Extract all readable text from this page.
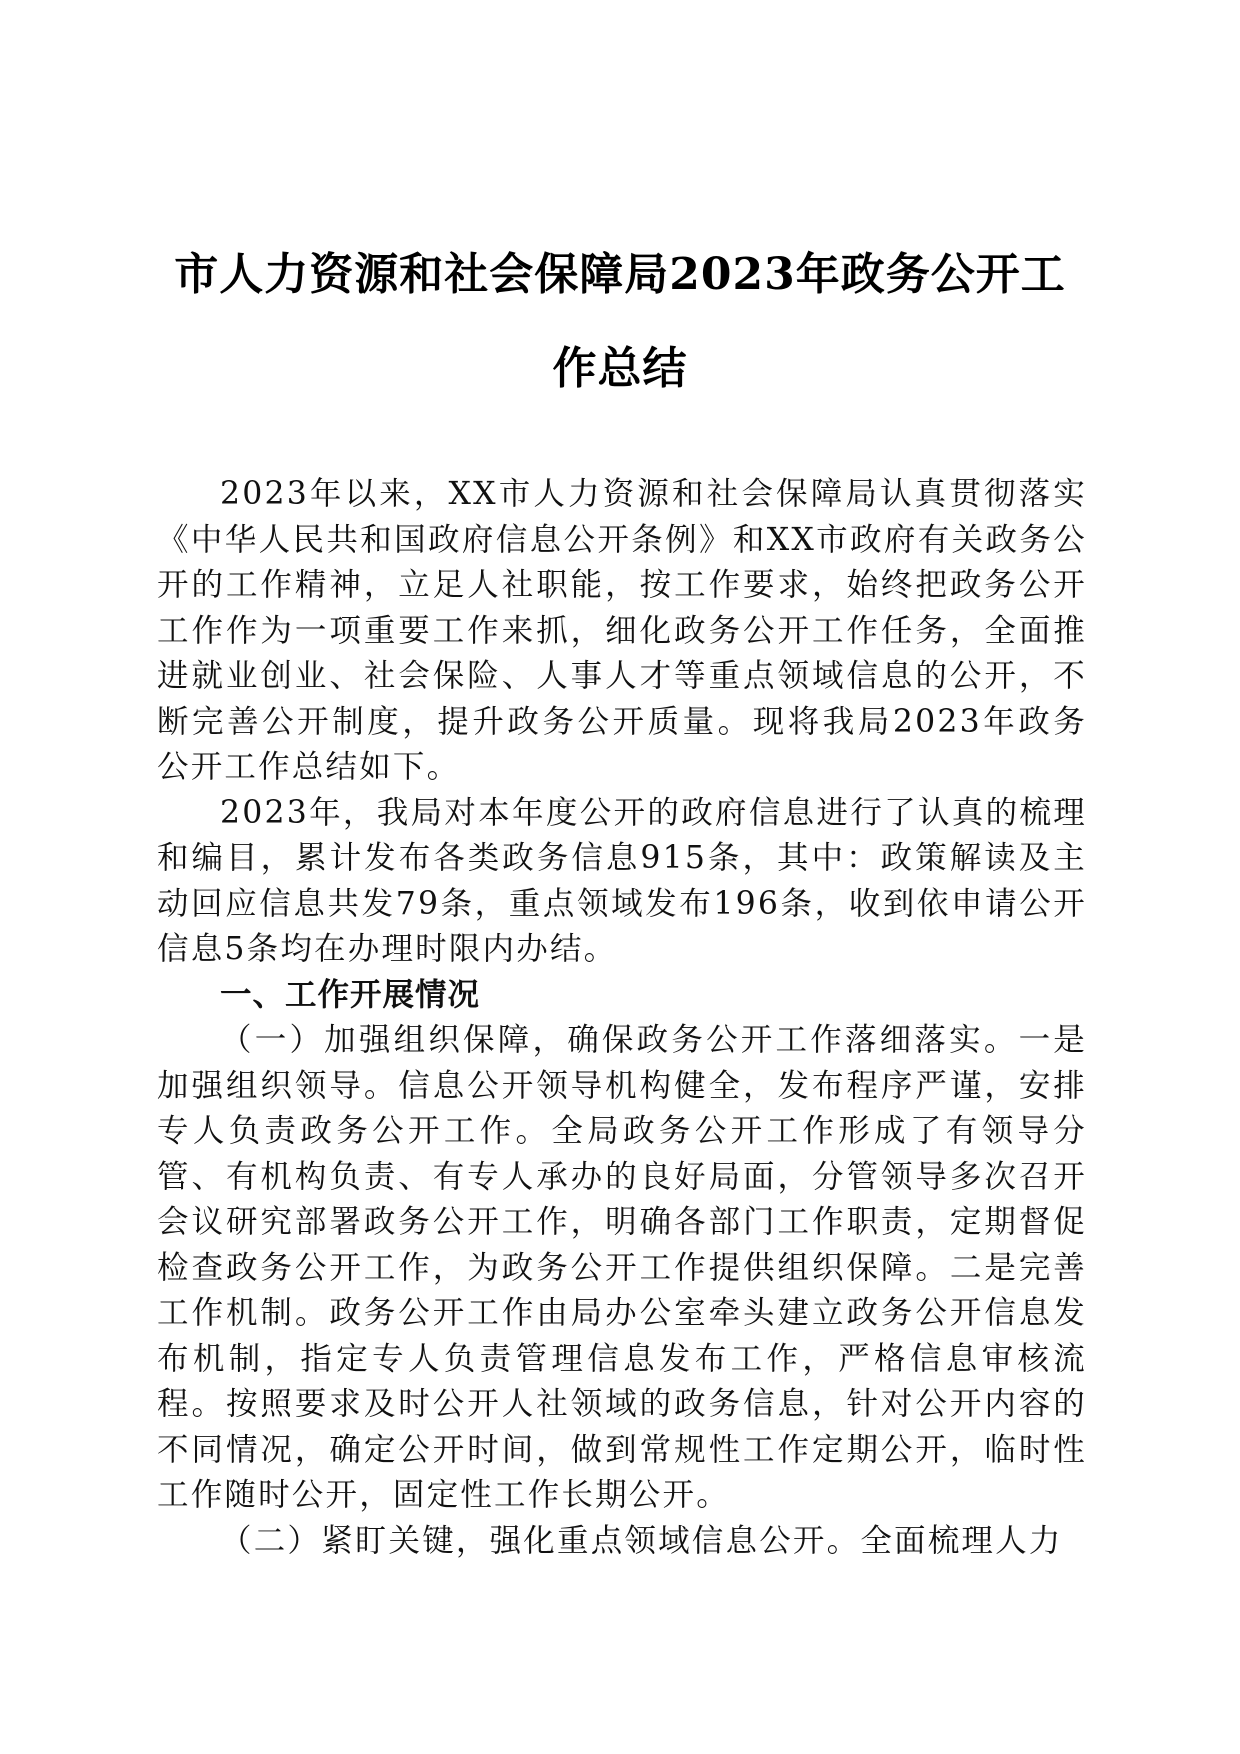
市人力资源和社会保障局2023年政务公开工
作总结

2023年以来，XX市人力资源和社会保障局认真贯彻落实《中华人民共和国政府信息公开条例》和XX市政府有关政务公开的工作精神，立足人社职能，按工作要求，始终把政务公开工作作为一项重要工作来抓，细化政务公开工作任务，全面推进就业创业、社会保险、人事人才等重点领域信息的公开，不断完善公开制度，提升政务公开质量。现将我局2023年政务公开工作总结如下。

2023年，我局对本年度公开的政府信息进行了认真的梳理和编目，累计发布各类政务信息915条，其中：政策解读及主动回应信息共发79条，重点领域发布196条，收到依申请公开信息5条均在办理时限内办结。

一、工作开展情况

（一）加强组织保障，确保政务公开工作落细落实。一是加强组织领导。信息公开领导机构健全，发布程序严谨，安排专人负责政务公开工作。全局政务公开工作形成了有领导分管、有机构负责、有专人承办的良好局面，分管领导多次召开会议研究部署政务公开工作，明确各部门工作职责，定期督促检查政务公开工作，为政务公开工作提供组织保障。二是完善工作机制。政务公开工作由局办公室牵头建立政务公开信息发布机制，指定专人负责管理信息发布工作，严格信息审核流程。按照要求及时公开人社领域的政务信息，针对公开内容的不同情况，确定公开时间，做到常规性工作定期公开，临时性工作随时公开，固定性工作长期公开。

（二）紧盯关键，强化重点领域信息公开。全面梳理人力
